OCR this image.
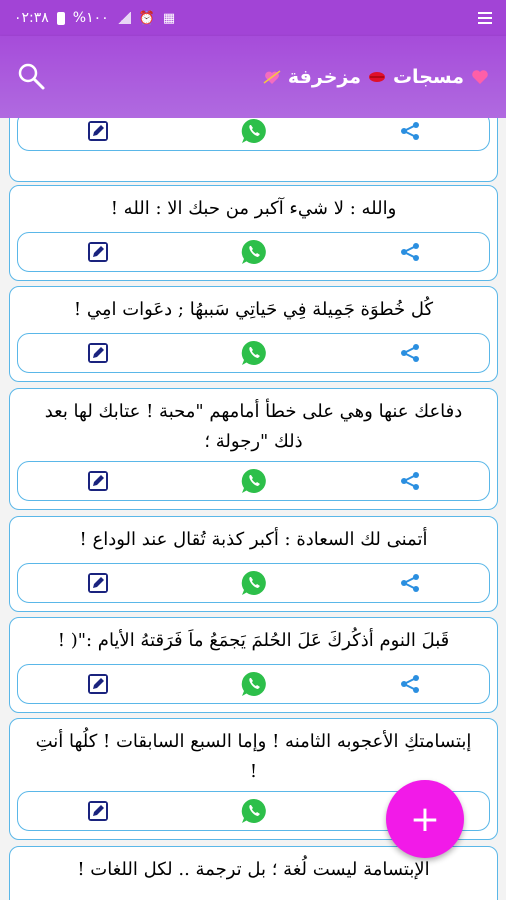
٠٢:٣٨ %١٠٠ ⏰ ▦
مسجات
مزخرفة
والله : لا شيء آكبر من حبك الا : الله !
كُل خُطوَة جَمِيلة فِي حَياتِي سَببهُا ; دعَوات امِي !
دفاعك عنها وهي على خطأ أمامهم "محبة ! عتابك لها بعد ذلك "رجولة ؛
أتمنى لك السعادة : أكبر كذبة تُقال عند الوداع !
قَبلَ النوم أذكُركَ عَلَ الحُلمَ يَجمَعُ ماَ فَرَقتهُ الأيام :"( !
إبتسامتكِ الأعجوبه الثامنه ! وإما السبع السابقات ! كلُها أنتِ !
الإبتسامة ليست لُغة ؛ بل ترجمة .. لكل اللغات !
+
